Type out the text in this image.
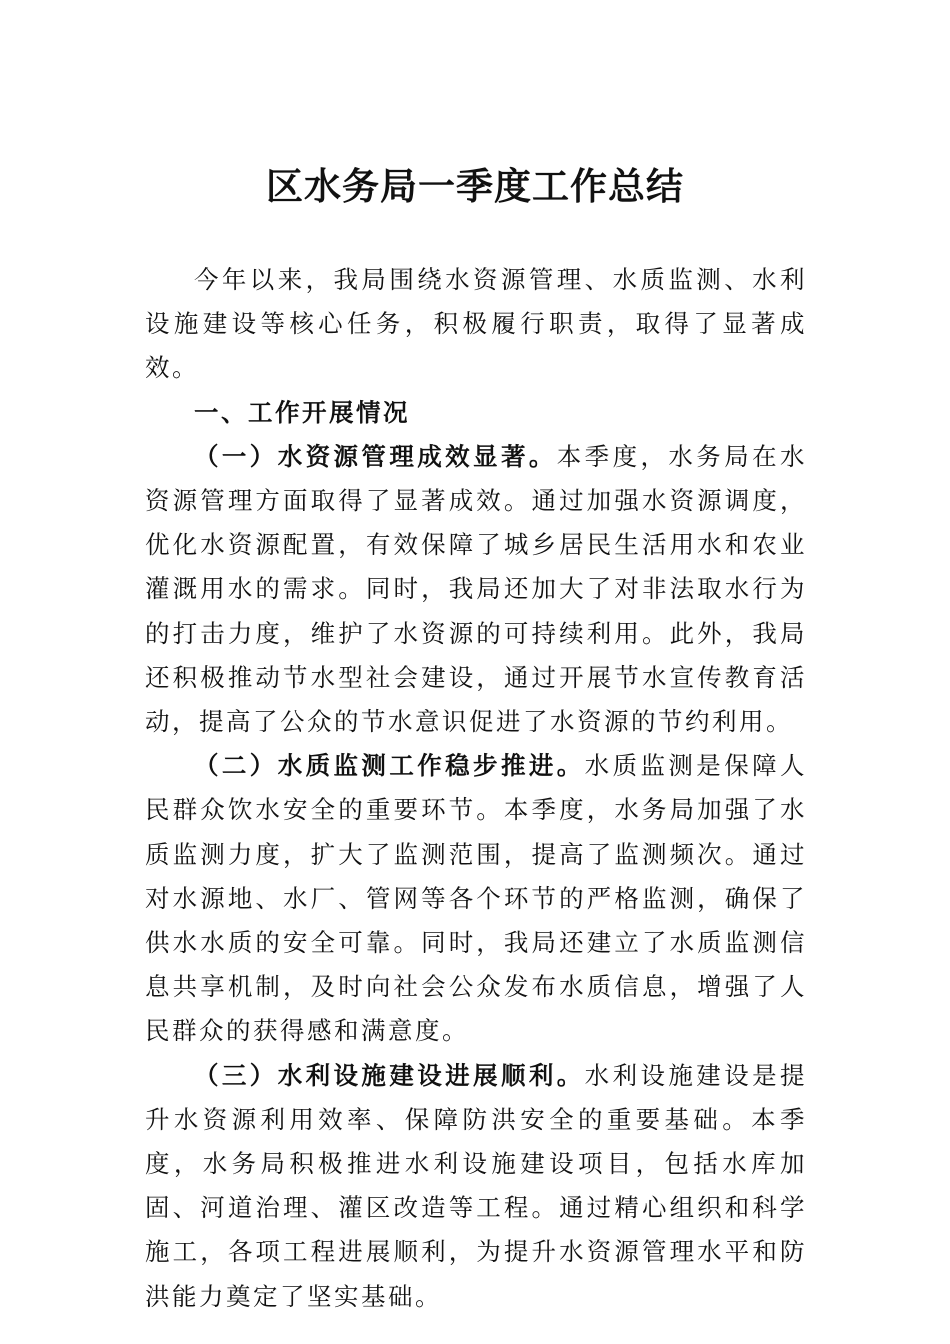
区水务局一季度工作总结

今年以来，我局围绕水资源管理、水质监测、水利设施建设等核心任务，积极履行职责，取得了显著成效。

一、工作开展情况

（一）水资源管理成效显著。本季度，水务局在水资源管理方面取得了显著成效。通过加强水资源调度，优化水资源配置，有效保障了城乡居民生活用水和农业灌溉用水的需求。同时，我局还加大了对非法取水行为的打击力度，维护了水资源的可持续利用。此外，我局还积极推动节水型社会建设，通过开展节水宣传教育活动，提高了公众的节水意识促进了水资源的节约利用。

（二）水质监测工作稳步推进。水质监测是保障人民群众饮水安全的重要环节。本季度，水务局加强了水质监测力度，扩大了监测范围，提高了监测频次。通过对水源地、水厂、管网等各个环节的严格监测，确保了供水水质的安全可靠。同时，我局还建立了水质监测信息共享机制，及时向社会公众发布水质信息，增强了人民群众的获得感和满意度。

（三）水利设施建设进展顺利。水利设施建设是提升水资源利用效率、保障防洪安全的重要基础。本季度，水务局积极推进水利设施建设项目，包括水库加固、河道治理、灌区改造等工程。通过精心组织和科学施工，各项工程进展顺利，为提升水资源管理水平和防洪能力奠定了坚实基础。
